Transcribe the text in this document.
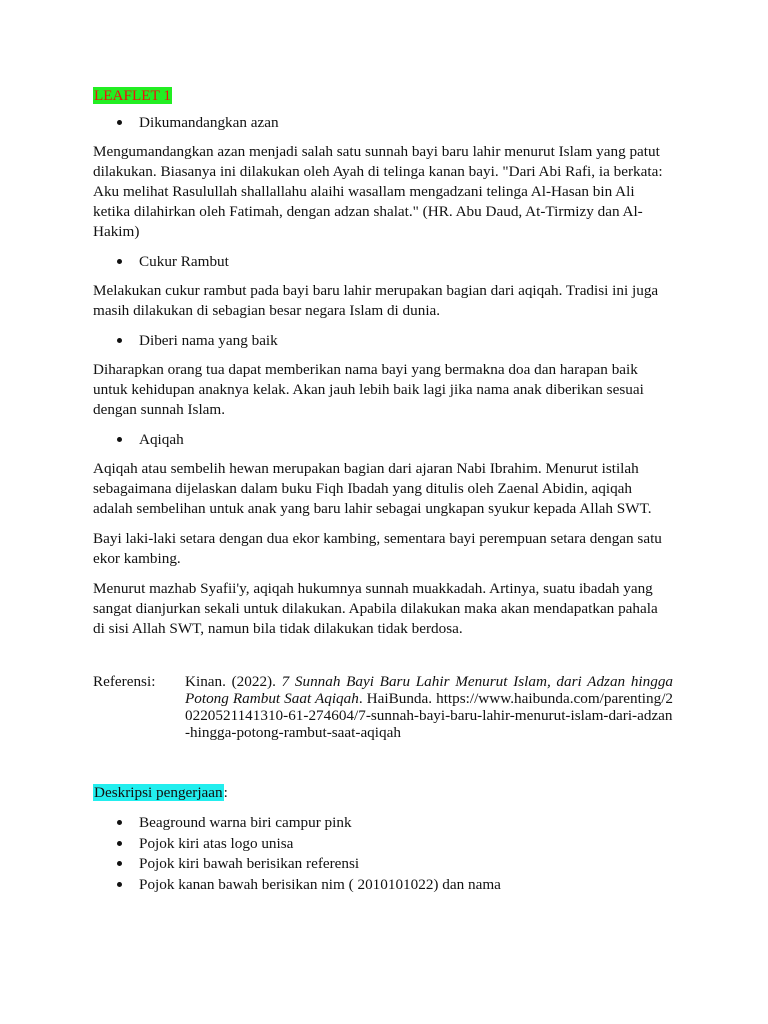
LEAFLET 1
Dikumandangkan azan

Mengumandangkan azan menjadi salah satu sunnah bayi baru lahir menurut Islam yang patut dilakukan. Biasanya ini dilakukan oleh Ayah di telinga kanan bayi. "Dari Abi Rafi, ia berkata: Aku melihat Rasulullah shallallahu alaihi wasallam mengadzani telinga Al-Hasan bin Ali ketika dilahirkan oleh Fatimah, dengan adzan shalat." (HR. Abu Daud, At-Tirmizy dan Al-Hakim)

Cukur Rambut

Melakukan cukur rambut pada bayi baru lahir merupakan bagian dari aqiqah. Tradisi ini juga masih dilakukan di sebagian besar negara Islam di dunia.

Diberi nama yang baik

Diharapkan orang tua dapat memberikan nama bayi yang bermakna doa dan harapan baik untuk kehidupan anaknya kelak. Akan jauh lebih baik lagi jika nama anak diberikan sesuai dengan sunnah Islam.

Aqiqah

Aqiqah atau sembelih hewan merupakan bagian dari ajaran Nabi Ibrahim. Menurut istilah sebagaimana dijelaskan dalam buku Fiqh Ibadah yang ditulis oleh Zaenal Abidin, aqiqah adalah sembelihan untuk anak yang baru lahir sebagai ungkapan syukur kepada Allah SWT.

Bayi laki-laki setara dengan dua ekor kambing, sementara bayi perempuan setara dengan satu ekor kambing.

Menurut mazhab Syafii'y, aqiqah hukumnya sunnah muakkadah. Artinya, suatu ibadah yang sangat dianjurkan sekali untuk dilakukan. Apabila dilakukan maka akan mendapatkan pahala di sisi Allah SWT, namun bila tidak dilakukan tidak berdosa.

Referensi:	Kinan. (2022). 7 Sunnah Bayi Baru Lahir Menurut Islam, dari Adzan hingga Potong Rambut Saat Aqiqah. HaiBunda. https://www.haibunda.com/parenting/20220521141310-61-274604/7-sunnah-bayi-baru-lahir-menurut-islam-dari-adzan-hingga-potong-rambut-saat-aqiqah
Deskripsi pengerjaan:
Beaground warna biri campur pink
Pojok kiri atas logo unisa
Pojok kiri bawah berisikan referensi
Pojok kanan bawah berisikan nim ( 2010101022) dan nama
